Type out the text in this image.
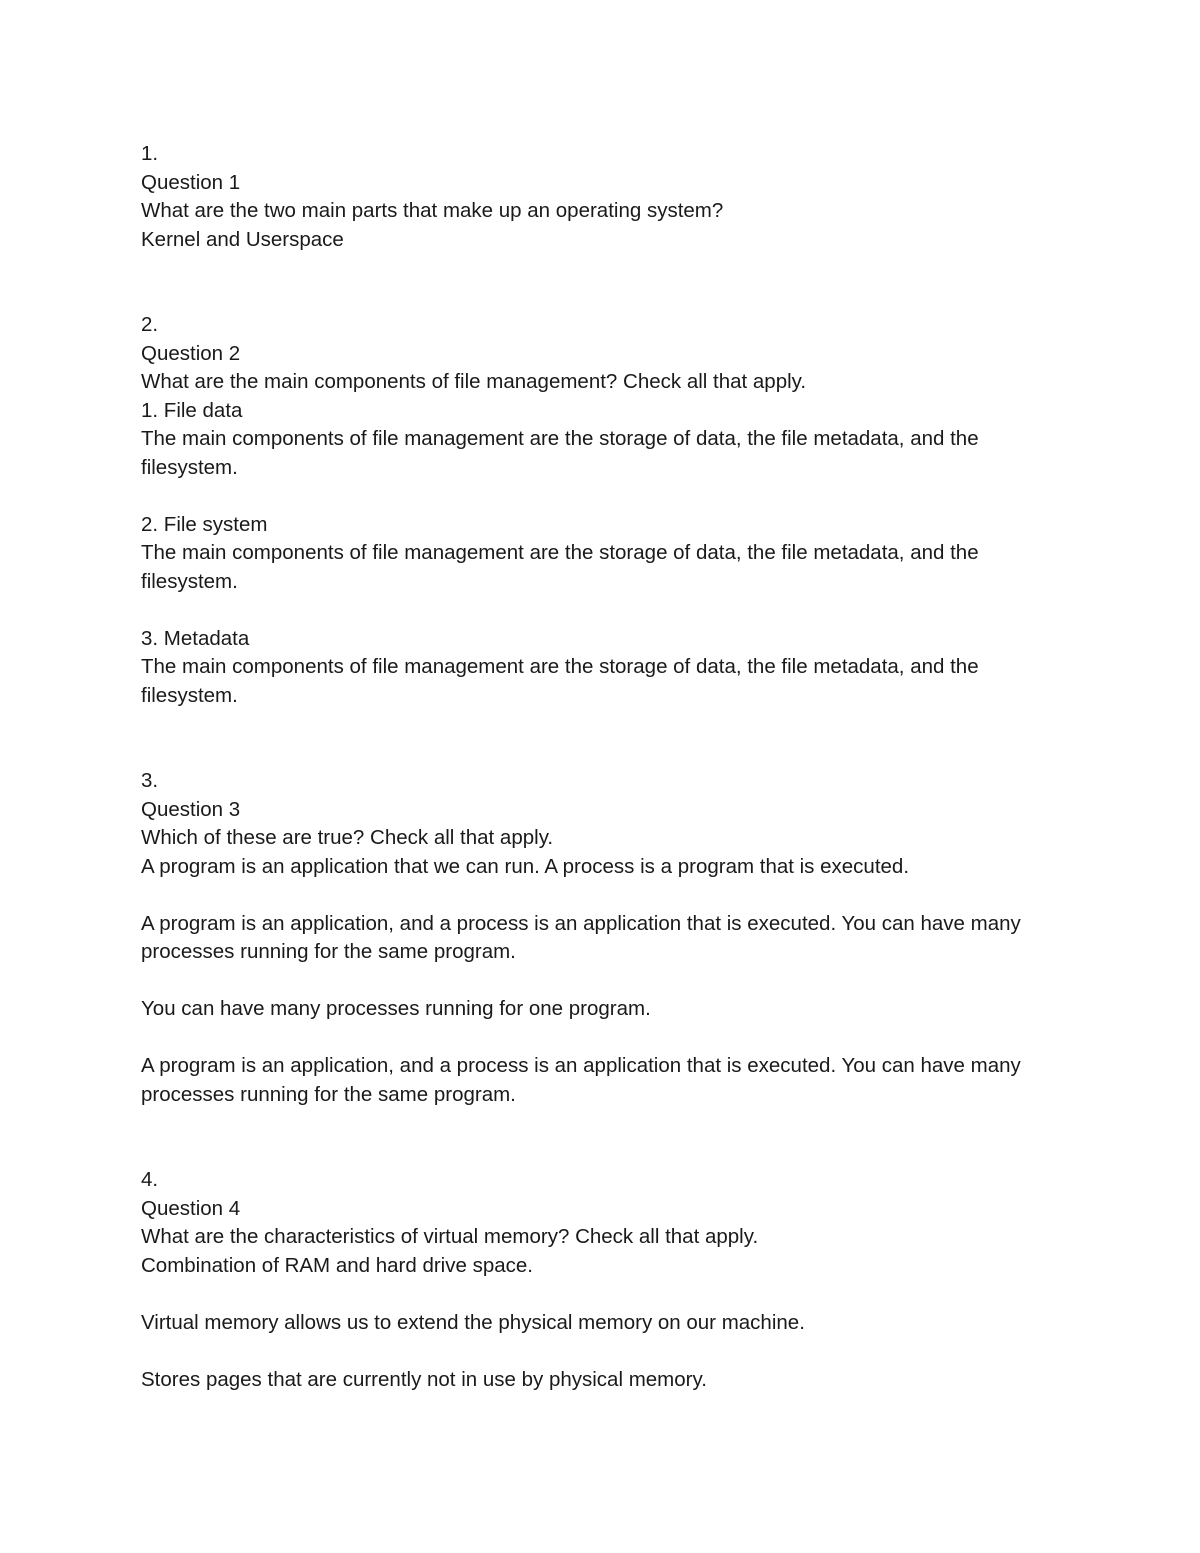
1.
Question 1
What are the two main parts that make up an operating system?
Kernel and Userspace
2.
Question 2
What are the main components of file management? Check all that apply.
1. File data
The main components of file management are the storage of data, the file metadata, and the filesystem.
2. File system
The main components of file management are the storage of data, the file metadata, and the filesystem.
3. Metadata
The main components of file management are the storage of data, the file metadata, and the filesystem.
3.
Question 3
Which of these are true? Check all that apply.
A program is an application that we can run. A process is a program that is executed.
A program is an application, and a process is an application that is executed. You can have many processes running for the same program.
You can have many processes running for one program.
A program is an application, and a process is an application that is executed. You can have many processes running for the same program.
4.
Question 4
What are the characteristics of virtual memory? Check all that apply.
Combination of RAM and hard drive space.
Virtual memory allows us to extend the physical memory on our machine.
Stores pages that are currently not in use by physical memory.
